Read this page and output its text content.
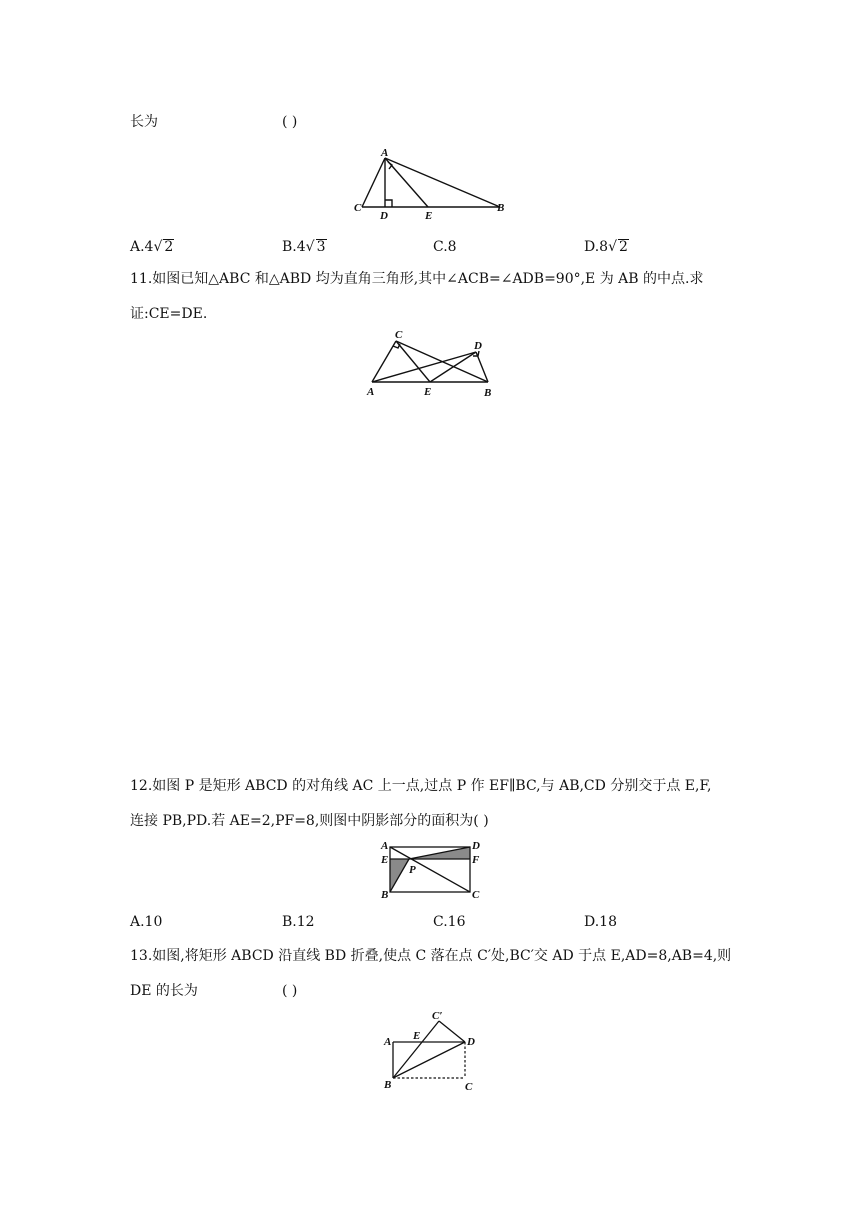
长为	( )
A
C
D	E
B
A.4√ 2	B.4√ 3	C.8	D.8√ 2
11.如图已知△ABC 和△ABD 均为直角三角形,其中∠ACB=∠ADB=90°,E 为 AB 的中点.求
证:CE=DE.
C
D
A	E	B
12.如图 P 是矩形 ABCD 的对角线 AC 上一点,过点 P 作 EF∥BC,与 AB,CD 分别交于点 E,F,
连接 PB,PD.若 AE=2,PF=8,则图中阴影部分的面积为( )
A
E
B
D
F
C
P
A.10	B.12	C.16	D.18
13.如图,将矩形 ABCD 沿直线 BD 折叠,使点 C 落在点 C′处,BC′交 AD 于点 E,AD=8,AB=4,则
DE 的长为	( )
C′
A E	D
B	C
